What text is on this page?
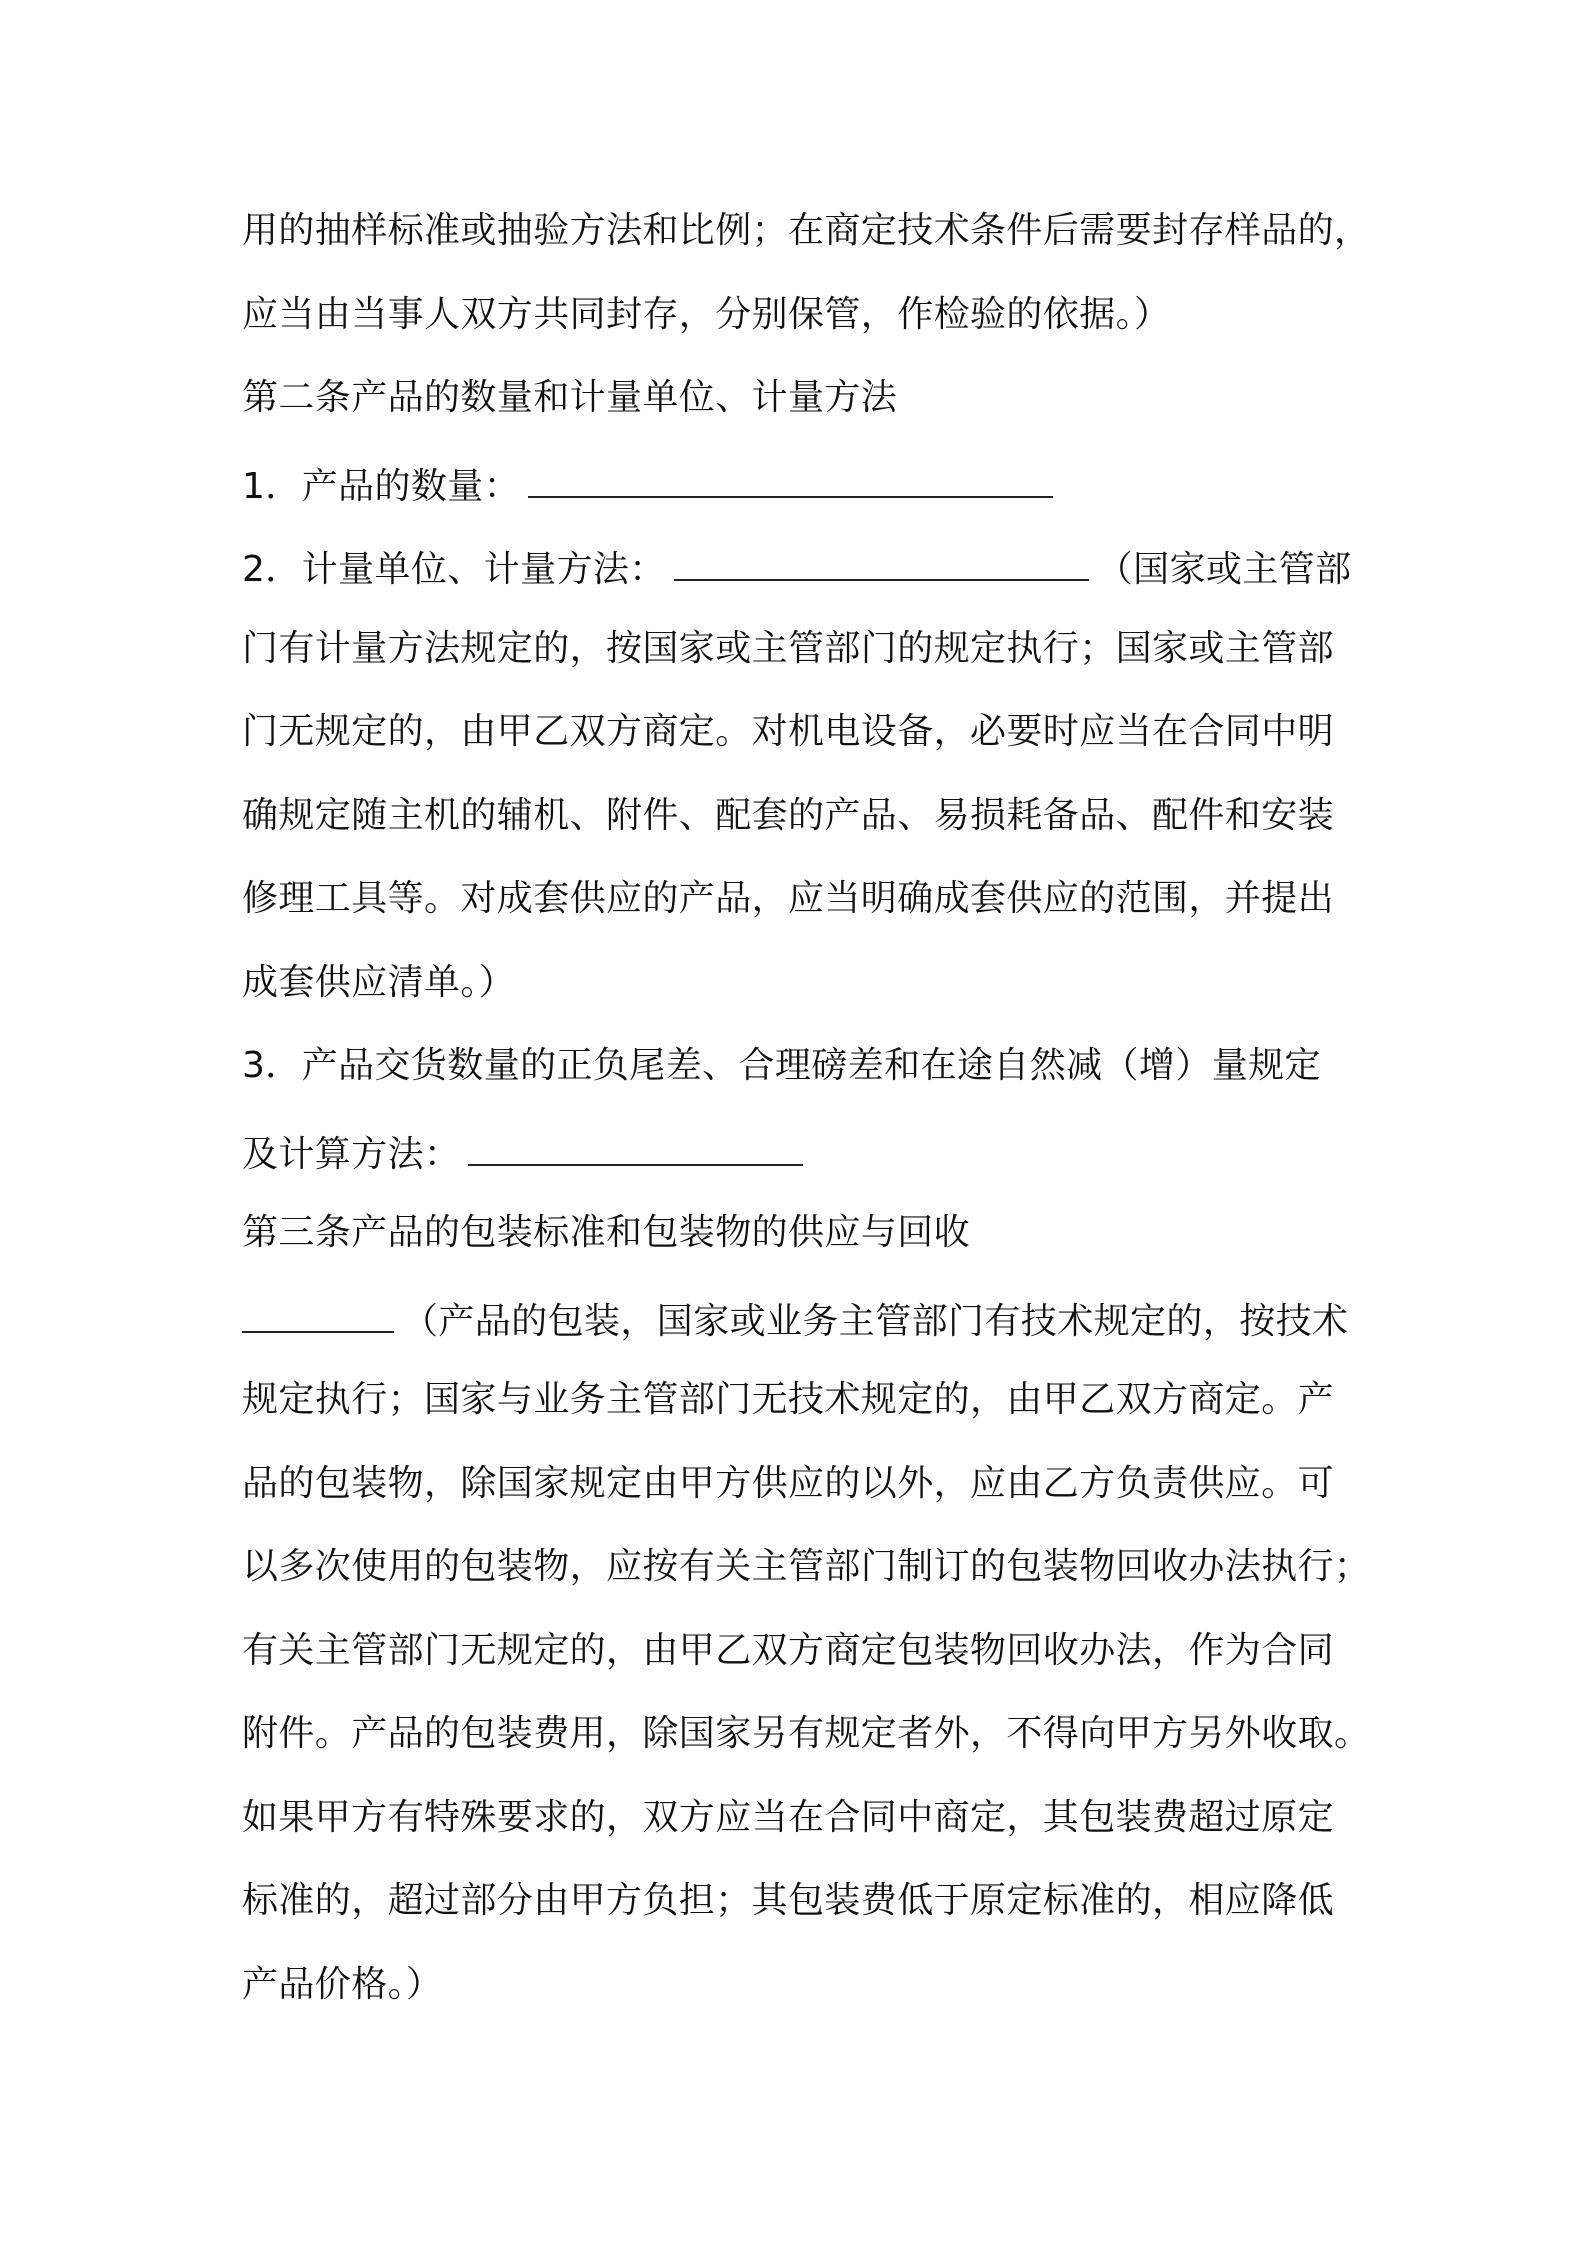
用的抽样标准或抽验方法和比例；在商定技术条件后需要封存样品的，
应当由当事人双方共同封存，分别保管，作检验的依据。）
第二条产品的数量和计量单位、计量方法
1．产品的数量：
2．计量单位、计量方法：	（国家或主管部
门有计量方法规定的，按国家或主管部门的规定执行；国家或主管部
门无规定的，由甲乙双方商定。对机电设备，必要时应当在合同中明
确规定随主机的辅机、附件、配套的产品、易损耗备品、配件和安装
修理工具等。对成套供应的产品，应当明确成套供应的范围，并提出
成套供应清单。）
3．产品交货数量的正负尾差、合理磅差和在途自然减（增）量规定
及计算方法：
第三条产品的包装标准和包装物的供应与回收
（产品的包装，国家或业务主管部门有技术规定的，按技术
规定执行；国家与业务主管部门无技术规定的，由甲乙双方商定。产
品的包装物，除国家规定由甲方供应的以外，应由乙方负责供应。可
以多次使用的包装物，应按有关主管部门制订的包装物回收办法执行；
有关主管部门无规定的，由甲乙双方商定包装物回收办法，作为合同
附件。产品的包装费用，除国家另有规定者外，不得向甲方另外收取。
如果甲方有特殊要求的，双方应当在合同中商定，其包装费超过原定
标准的，超过部分由甲方负担；其包装费低于原定标准的，相应降低
产品价格。）
